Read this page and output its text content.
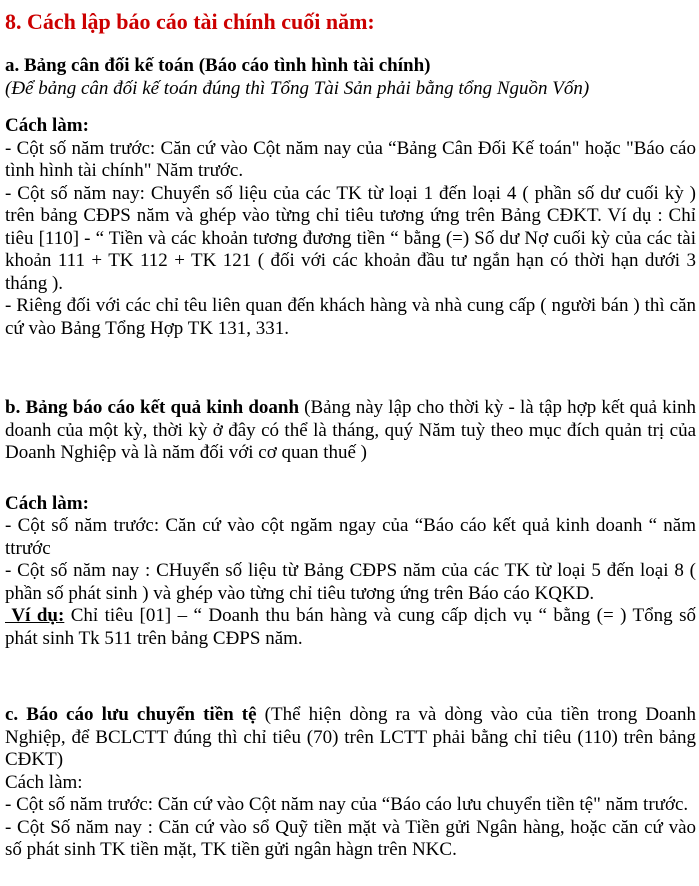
8. Cách lập báo cáo tài chính cuối năm:

a. Bảng cân đối kế toán (Báo cáo tình hình tài chính)

(Để bảng cân đối kế toán đúng thì Tổng Tài Sản phải bằng tổng Nguồn Vốn)

Cách làm:

- Cột số năm trước: Căn cứ vào Cột năm nay của “Bảng Cân Đối Kế toán" hoặc "Báo cáo tình hình tài chính" Năm trước.

- Cột số năm nay: Chuyển số liệu của các TK từ loại 1 đến loại 4 ( phần số dư cuối kỳ ) trên bảng CĐPS năm và ghép vào từng chỉ tiêu tương ứng trên Bảng CĐKT. Ví dụ : Chỉ tiêu [110] - “ Tiền và các khoản tương đương tiền “ bằng (=) Số dư Nợ cuối kỳ của các tài khoản 111 + TK 112 + TK 121 ( đối với các khoản đầu tư ngắn hạn có thời hạn dưới 3 tháng ).

- Riêng đối với các chỉ têu liên quan đến khách hàng và nhà cung cấp ( người bán ) thì căn cứ vào Bảng Tổng Hợp TK 131, 331.

b. Bảng báo cáo kết quả kinh doanh (Bảng này lập cho thời kỳ - là tập hợp kết quả kinh doanh của một kỳ, thời kỳ ở đây có thể là tháng, quý Năm tuỳ theo mục đích quản trị của Doanh Nghiệp và là năm đối với cơ quan thuế )

Cách làm:

- Cột số năm trước: Căn cứ vào cột ngăm ngay của “Báo cáo kết quả kinh doanh “ năm ttrước

- Cột số năm nay : CHuyển số liệu từ Bảng CĐPS năm của các TK từ loại 5 đến loại 8 ( phần số phát sinh ) và ghép vào từng chỉ tiêu tương ứng trên Báo cáo KQKD.

Ví dụ: Chỉ tiêu [01] – “ Doanh thu bán hàng và cung cấp dịch vụ “ bằng (= ) Tổng số phát sinh Tk 511 trên bảng CĐPS năm.

c. Báo cáo lưu chuyển tiền tệ (Thể hiện dòng ra và dòng vào của tiền trong Doanh Nghiệp, để BCLCTT đúng thì chỉ tiêu (70) trên LCTT phải bằng chỉ tiêu (110) trên bảng CĐKT)

Cách làm:

- Cột số năm trước: Căn cứ vào Cột năm nay của “Báo cáo lưu chuyển tiền tệ" năm trước.

- Cột Số năm nay : Căn cứ vào sổ Quỹ tiền mặt và Tiền gửi Ngân hàng, hoặc căn cứ vào số phát sinh TK tiền mặt, TK tiền gửi ngân hàgn trên NKC.
